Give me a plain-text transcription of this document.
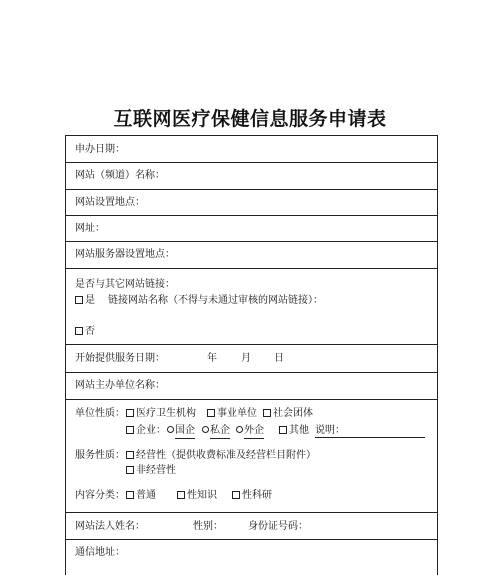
互联网医疗保健信息服务申请表
申办日期：
网站（频道）名称：
网站设置地点：
网址：
网站服务器设置地点：
是否与其它网站链接：
是 链接网站名称（不得与未通过审核的网站链接）：
否
开始提供服务日期：	年 月 日
网站主办单位名称：
单位性质：	医疗卫生机构	事业单位	社会团体
企业： 国企	私企	外企	其他 说明：
服务性质：	经营性（提供收费标准及经营栏目附件）
非经营性
内容分类：	普通	性知识	性科研
网站法人姓名：	性别：	身份证号码：
通信地址：
